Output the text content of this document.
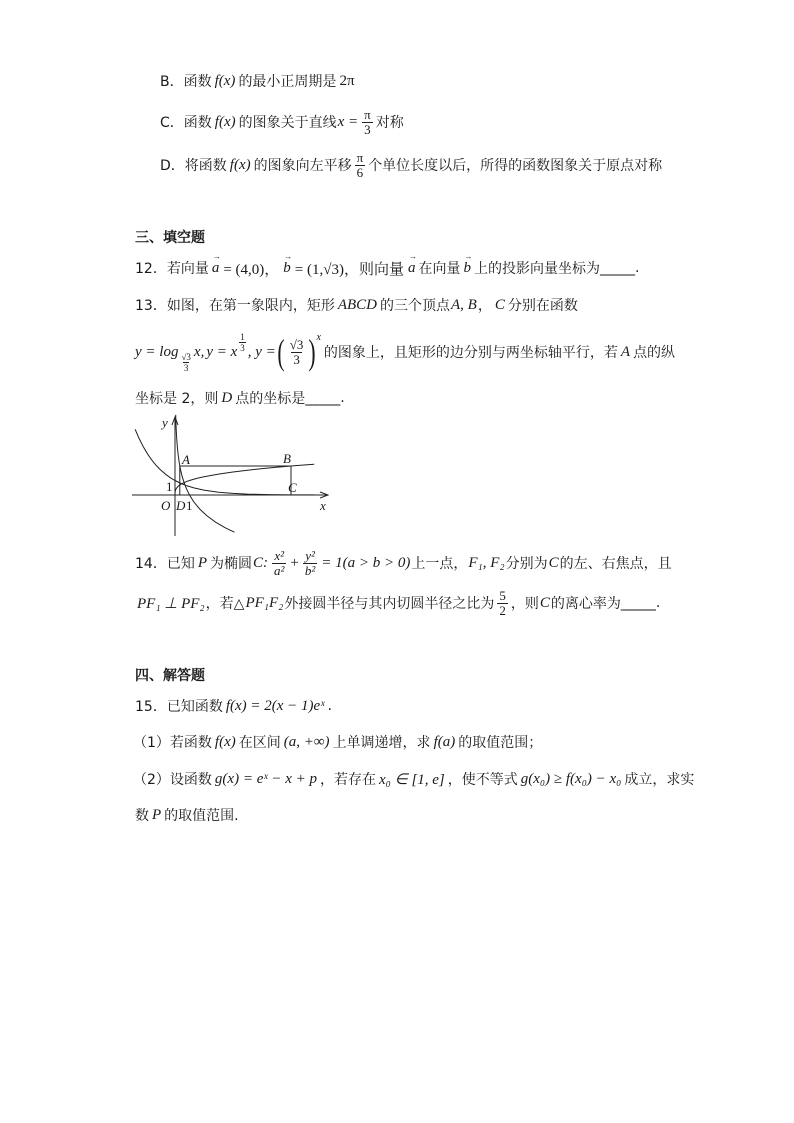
B．函数 f(x) 的最小正周期是 2π
C．函数 f(x) 的图象关于直线 $x = \frac{\pi}{3}$ 对称
D．将函数 f(x) 的图象向左平移 $\frac{\pi}{6}$ 个单位长度以后，所得的函数图象关于原点对称
三、填空题
12．若向量 → a = (4,0)， → b = (1,√3)，则向量 → a 在向量 → b 上的投影向量坐标为 _____ .
13．如图，在第一象限内，矩形 ABCD 的三个顶点 A, B ， C 分别在函数
$y = \log \frac{√3}{3} x$, y = x $\frac{1}{3}$ , y = ( $\frac{√3}{3}$ ) x
的图象上，且矩形的边分别与两坐标轴平行，若 A 点的纵
坐标是 2，则 D 点的坐标是 _____ .
y
A	B
C
1
O D 1	x
14．已知 P 为椭圆 C: $\frac{\text{x²}}{\text{a²}} + \frac{\text{y²}}{\text{b²}} = 1(a > b > 0)$ 上一点， F₁, F₂ 分别为 C 的左、右焦点，且
PF₁ ⊥ PF₂ ，若△ PF₁F₂ 外接圆半径与其内切圆半径之比为 $\frac{5}{2}$ ，则 C 的离心率为 _____ .
四、解答题
15．已知函数 f(x) = 2(x − 1)eˣ .
（1）若函数 f(x) 在区间 (a, +∞) 上单调递增，求 f(a) 的取值范围；
（2）设函数 g(x) = eˣ − x + p ，若存在 x₀ ∈ [1, e] ，使不等式 g(x₀) ≥ f(x₀) − x₀ 成立，求实
数 P 的取值范围.
